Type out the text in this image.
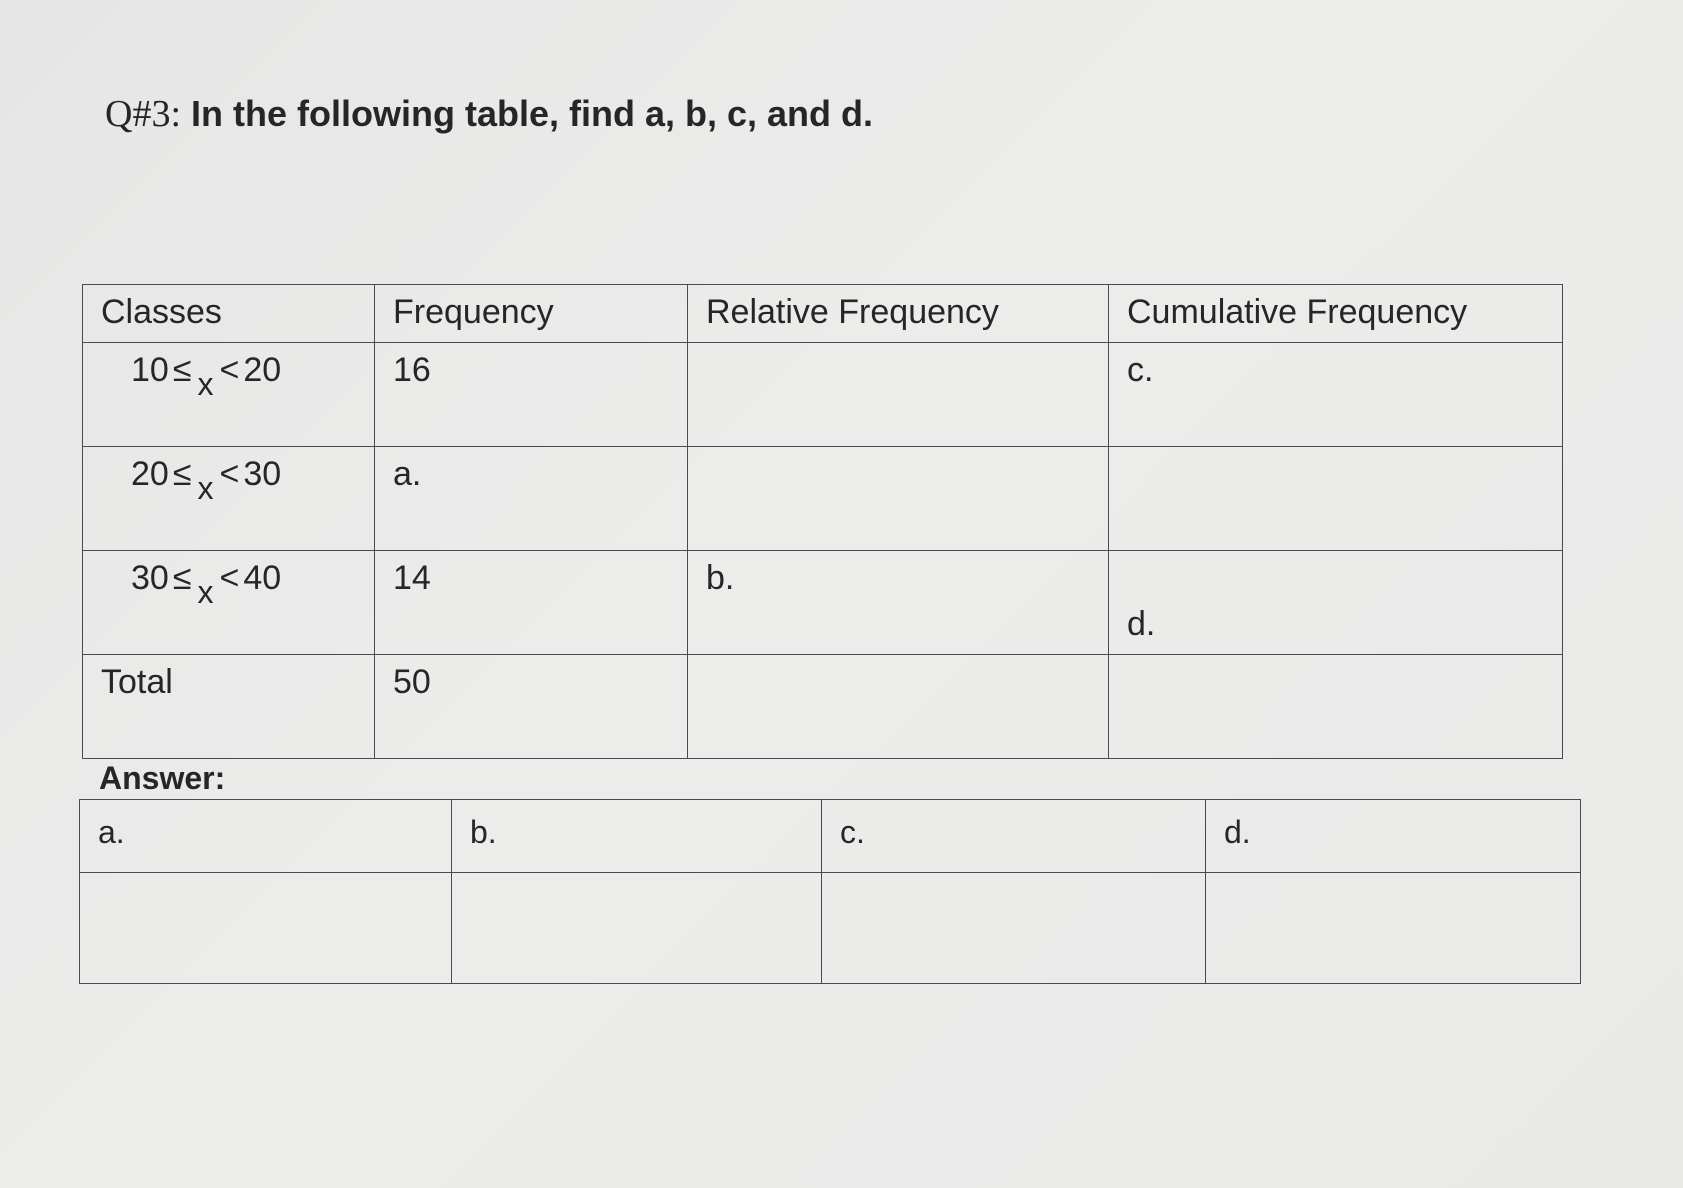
Q#3: In the following table, find a, b, c, and d.
Classes	Frequency	Relative Frequency	Cumulative Frequency
10 ≤ x < 20	16		c.
20 ≤ x < 30	a.		
30 ≤ x < 40	14	b.	d.
Total	50		
Answer:
a.	b.	c.	d.
